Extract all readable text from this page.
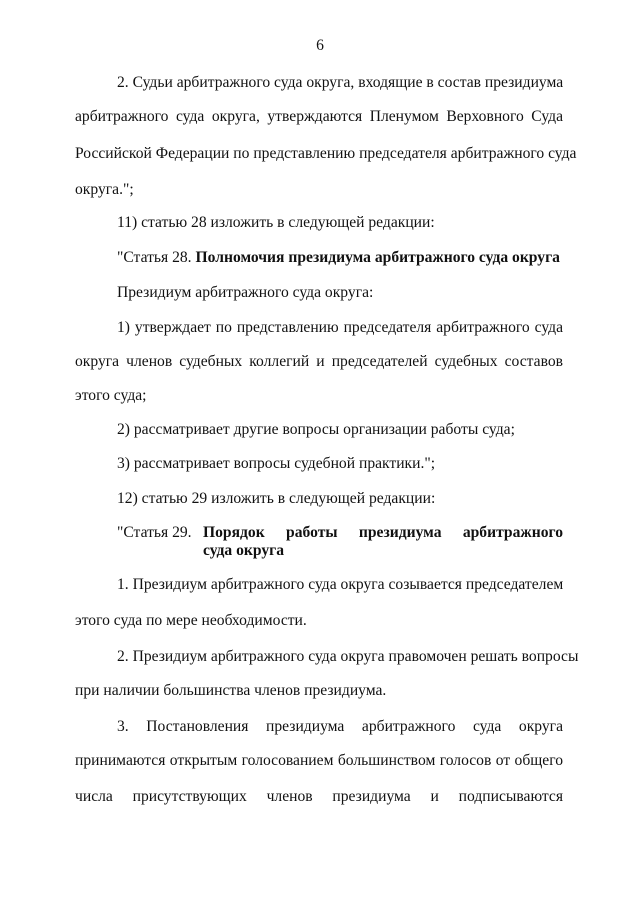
6
2. Судьи арбитражного суда округа, входящие в состав президиума
арбитражного суда округа, утверждаются Пленумом Верховного Суда
Российской Федерации по представлению председателя арбитражного суда
округа.";
11) статью 28 изложить в следующей редакции:
"Статья 28. Полномочия президиума арбитражного суда округа
Президиум арбитражного суда округа:
1) утверждает по представлению председателя арбитражного суда
округа членов судебных коллегий и председателей судебных составов
этого суда;
2) рассматривает другие вопросы организации работы суда;
3) рассматривает вопросы судебной практики.";
12) статью 29 изложить в следующей редакции:
"Статья 29. Порядок работы президиума арбитражного
суда округа
1. Президиум арбитражного суда округа созывается председателем
этого суда по мере необходимости.
2. Президиум арбитражного суда округа правомочен решать вопросы
при наличии большинства членов президиума.
3. Постановления президиума арбитражного суда округа
принимаются открытым голосованием большинством голосов от общего
числа присутствующих членов президиума и подписываются
